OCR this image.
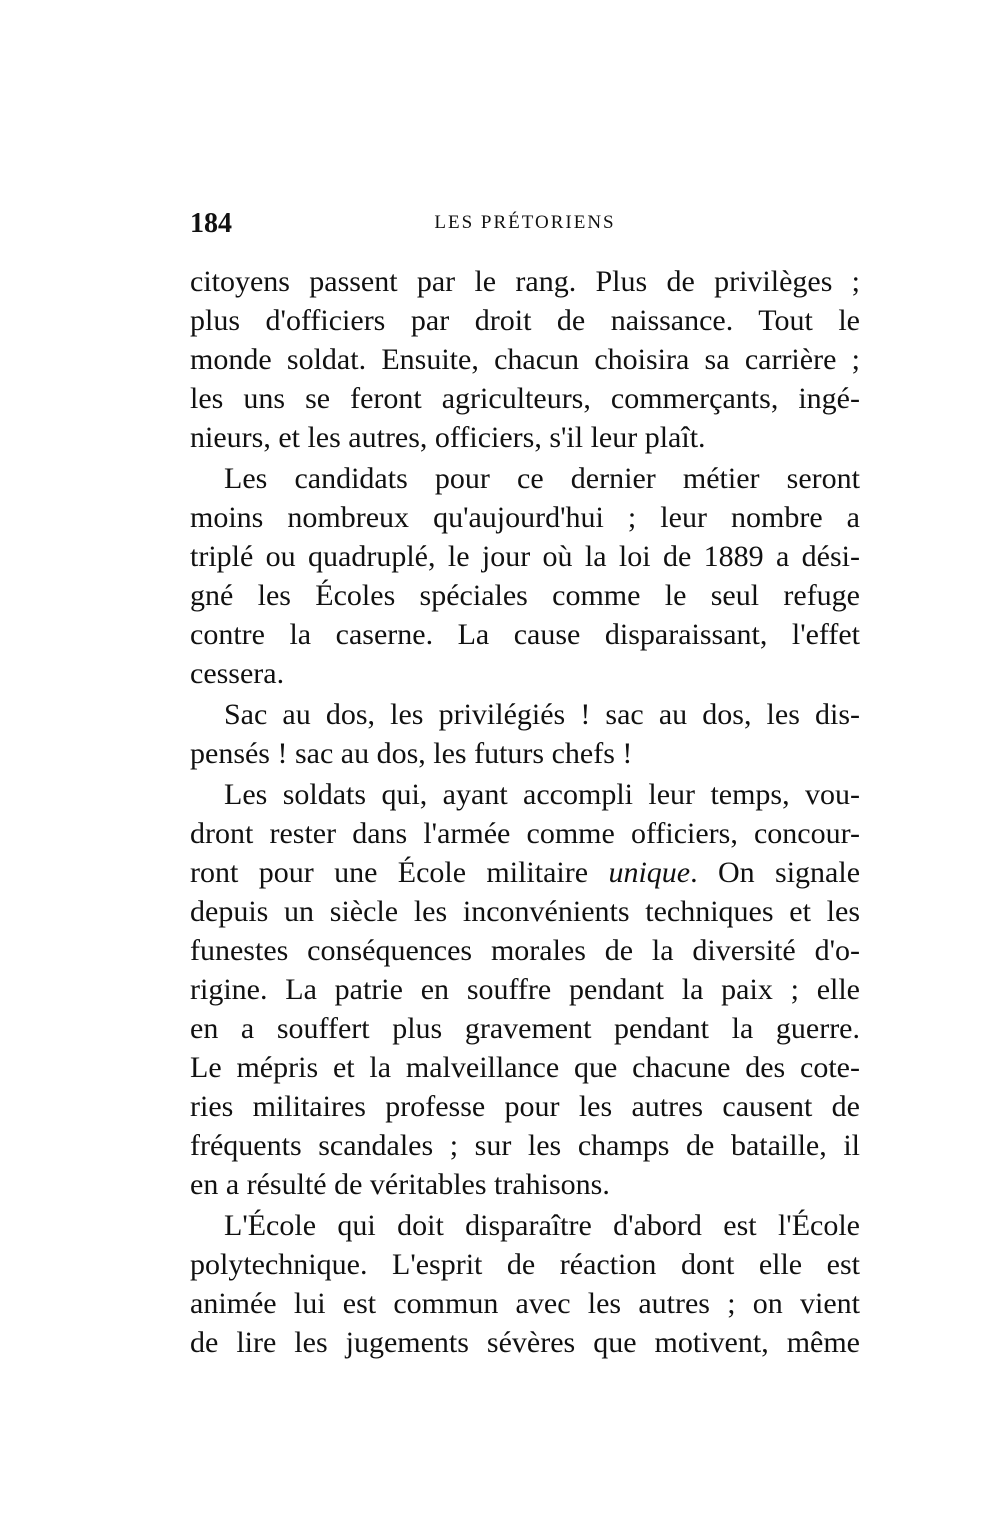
184	LES PRÉTORIENS
citoyens passent par le rang. Plus de privilèges ;
plus d'officiers par droit de naissance. Tout le
monde soldat. Ensuite, chacun choisira sa carrière ;
les uns se feront agriculteurs, commerçants, ingé-
nieurs, et les autres, officiers, s'il leur plaît.
Les candidats pour ce dernier métier seront
moins nombreux qu'aujourd'hui ; leur nombre a
triplé ou quadruplé, le jour où la loi de 1889 a dési-
gné les Écoles spéciales comme le seul refuge
contre la caserne. La cause disparaissant, l'effet
cessera.
Sac au dos, les privilégiés ! sac au dos, les dis-
pensés ! sac au dos, les futurs chefs !
Les soldats qui, ayant accompli leur temps, vou-
dront rester dans l'armée comme officiers, concour-
ront pour une École militaire unique. On signale
depuis un siècle les inconvénients techniques et les
funestes conséquences morales de la diversité d'o-
rigine. La patrie en souffre pendant la paix ; elle
en a souffert plus gravement pendant la guerre.
Le mépris et la malveillance que chacune des cote-
ries militaires professe pour les autres causent de
fréquents scandales ; sur les champs de bataille, il
en a résulté de véritables trahisons.
L'École qui doit disparaître d'abord est l'École
polytechnique. L'esprit de réaction dont elle est
animée lui est commun avec les autres ; on vient
de lire les jugements sévères que motivent, même
